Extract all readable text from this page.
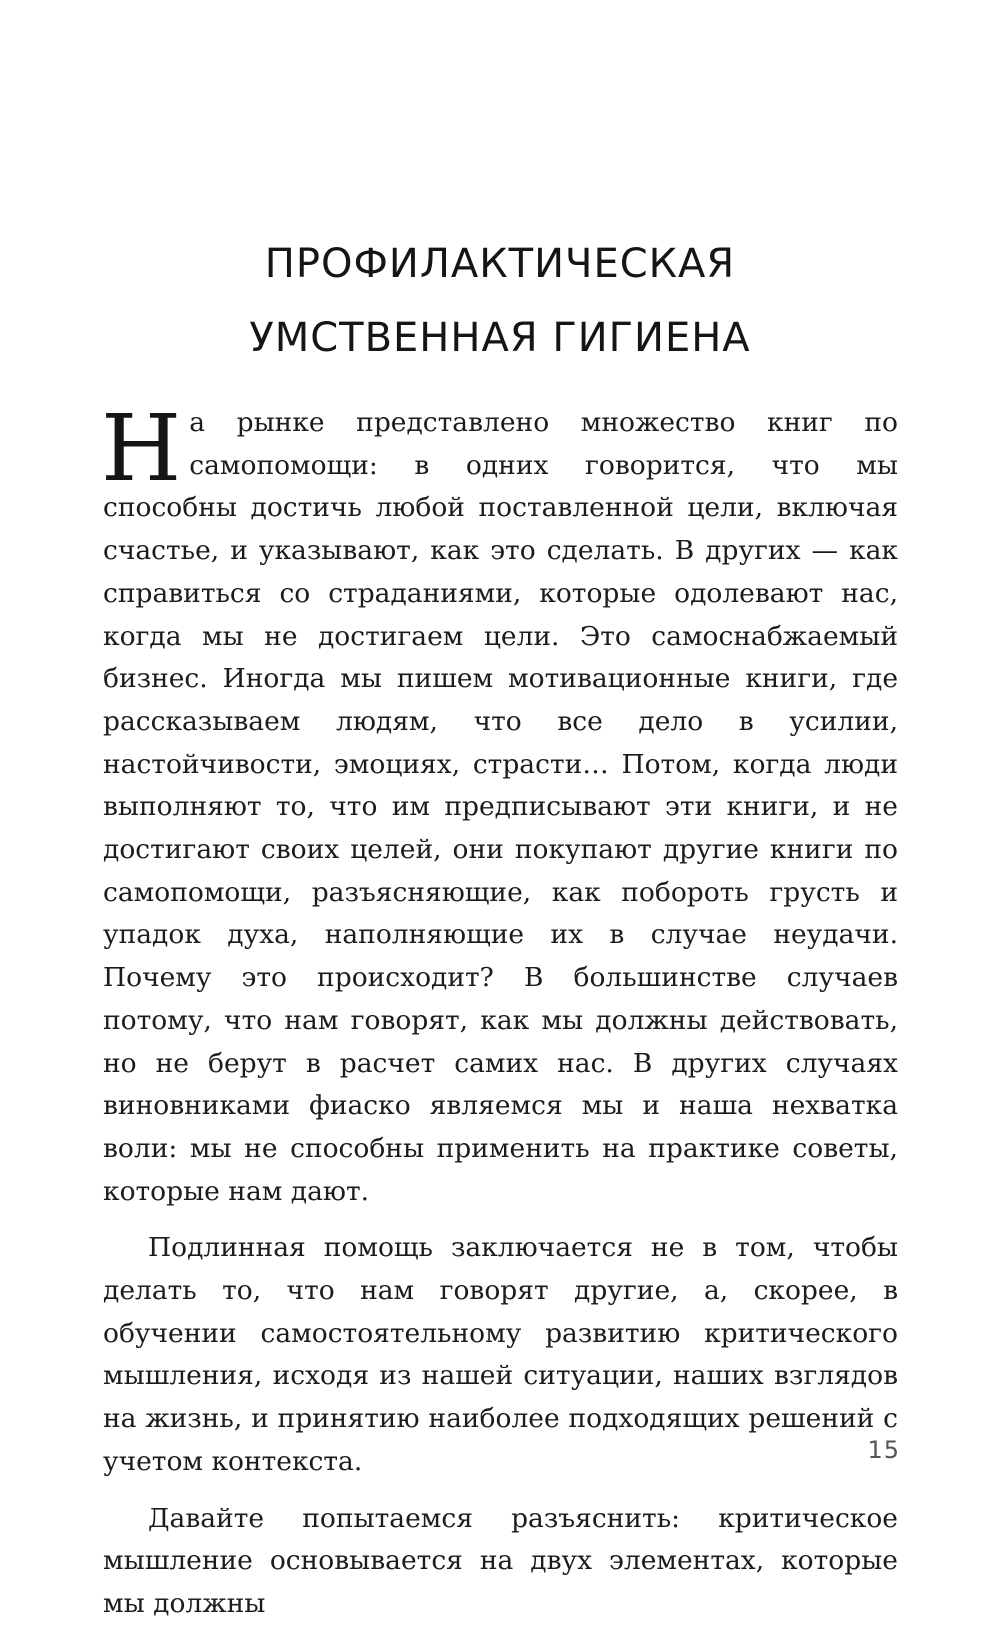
ПРОФИЛАКТИЧЕСКАЯ
УМСТВЕННАЯ ГИГИЕНА

На рынке представлено множество книг по самопомощи: в одних говорится, что мы способны достичь любой поставленной цели, включая счастье, и указывают, как это сделать. В других — как справиться со страданиями, которые одолевают нас, когда мы не достигаем цели. Это самоснабжаемый бизнес. Иногда мы пишем мотивационные книги, где рассказываем людям, что все дело в усилии, настойчивости, эмоциях, страсти… Потом, когда люди выполняют то, что им предписывают эти книги, и не достигают своих целей, они покупают другие книги по самопомощи, разъясняющие, как побороть грусть и упадок духа, наполняющие их в случае неудачи. Почему это происходит? В большинстве случаев потому, что нам говорят, как мы должны действовать, но не берут в расчет самих нас. В других случаях виновниками фиаско являемся мы и наша нехватка воли: мы не способны применить на практике советы, которые нам дают.

Подлинная помощь заключается не в том, чтобы делать то, что нам говорят другие, а, скорее, в обучении самостоятельному развитию критического мышления, исходя из нашей ситуации, наших взглядов на жизнь, и принятию наиболее подходящих решений с учетом контекста.

Давайте попытаемся разъяснить: критическое мышление основывается на двух элементах, которые мы должны

15
